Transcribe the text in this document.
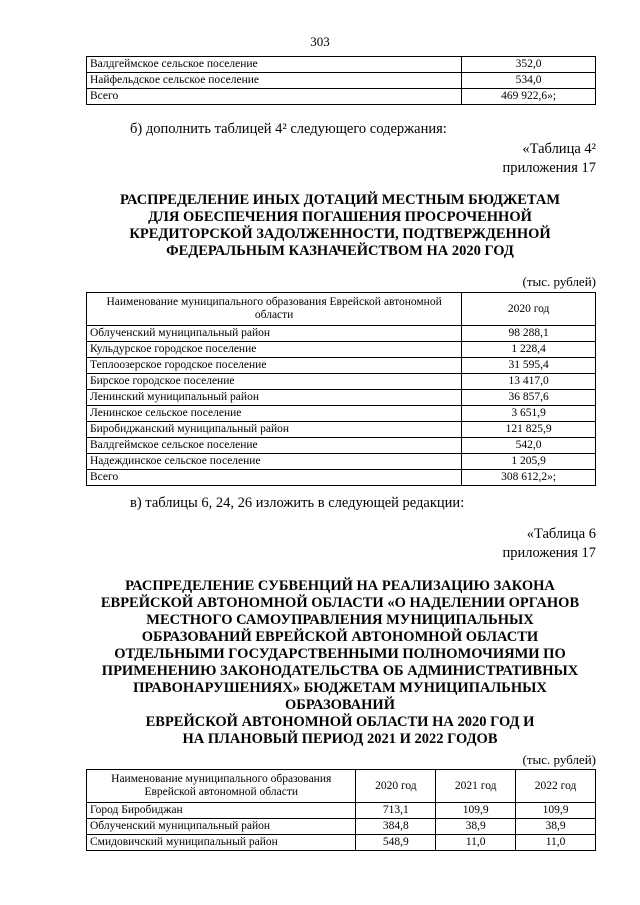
303
Валдгеймское сельское поселение	352,0
Найфельдское сельское поселение	534,0
Всего	469 922,6»;
б) дополнить таблицей 4² следующего содержания:
«Таблица 4²
приложения 17
РАСПРЕДЕЛЕНИЕ ИНЫХ ДОТАЦИЙ МЕСТНЫМ БЮДЖЕТАМ
ДЛЯ ОБЕСПЕЧЕНИЯ ПОГАШЕНИЯ ПРОСРОЧЕННОЙ
КРЕДИТОРСКОЙ ЗАДОЛЖЕННОСТИ, ПОДТВЕРЖДЕННОЙ
ФЕДЕРАЛЬНЫМ КАЗНАЧЕЙСТВОМ НА 2020 ГОД
(тыс. рублей)
Наименование муниципального образования Еврейской автономной области	2020 год
Облученский муниципальный район	98 288,1
Кульдурское городское поселение	1 228,4
Теплоозерское городское поселение	31 595,4
Бирское городское поселение	13 417,0
Ленинский муниципальный район	36 857,6
Ленинское сельское поселение	3 651,9
Биробиджанский муниципальный район	121 825,9
Валдгеймское сельское поселение	542,0
Надеждинское сельское поселение	1 205,9
Всего	308 612,2»;
в) таблицы 6, 24, 26 изложить в следующей редакции:
«Таблица 6
приложения 17
РАСПРЕДЕЛЕНИЕ СУБВЕНЦИЙ НА РЕАЛИЗАЦИЮ ЗАКОНА
ЕВРЕЙСКОЙ АВТОНОМНОЙ ОБЛАСТИ «О НАДЕЛЕНИИ ОРГАНОВ
МЕСТНОГО САМОУПРАВЛЕНИЯ МУНИЦИПАЛЬНЫХ
ОБРАЗОВАНИЙ ЕВРЕЙСКОЙ АВТОНОМНОЙ ОБЛАСТИ
ОТДЕЛЬНЫМИ ГОСУДАРСТВЕННЫМИ ПОЛНОМОЧИЯМИ ПО
ПРИМЕНЕНИЮ ЗАКОНОДАТЕЛЬСТВА ОБ АДМИНИСТРАТИВНЫХ
ПРАВОНАРУШЕНИЯХ» БЮДЖЕТАМ МУНИЦИПАЛЬНЫХ
ОБРАЗОВАНИЙ
ЕВРЕЙСКОЙ АВТОНОМНОЙ ОБЛАСТИ НА 2020 ГОД И
НА ПЛАНОВЫЙ ПЕРИОД 2021 И 2022 ГОДОВ
(тыс. рублей)
Наименование муниципального образования Еврейской автономной области	2020 год	2021 год	2022 год
Город Биробиджан	713,1	109,9	109,9
Облученский муниципальный район	384,8	38,9	38,9
Смидовичский муниципальный район	548,9	11,0	11,0
